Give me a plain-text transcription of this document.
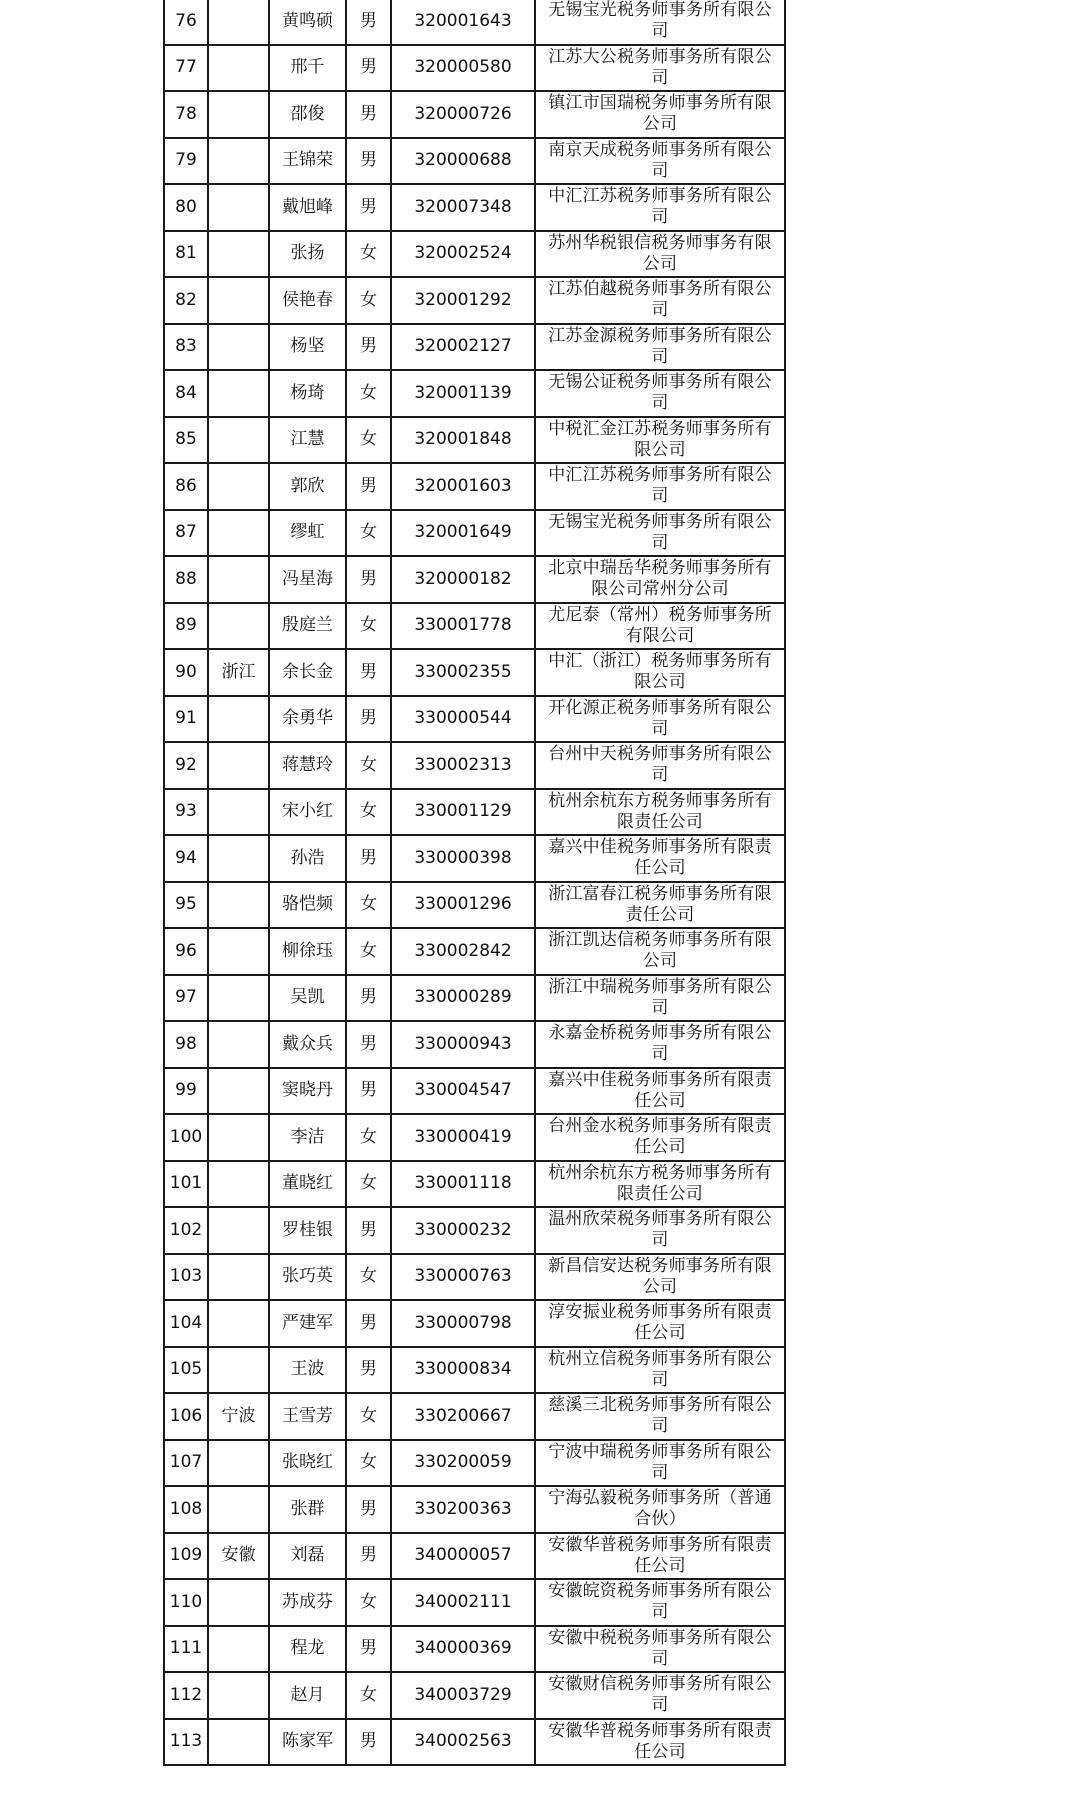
76		黄鸣硕	男	320001643	无锡宝光税务师事务所有限公
司

77		邢千	男	320000580	江苏大公税务师事务所有限公
司

78		邵俊	男	320000726	镇江市国瑞税务师事务所有限
公司

79		王锦荣	男	320000688	南京天成税务师事务所有限公
司

80		戴旭峰	男	320007348	中汇江苏税务师事务所有限公
司

81		张扬	女	320002524	苏州华税银信税务师事务有限
公司

82		侯艳春	女	320001292	江苏伯越税务师事务所有限公
司

83		杨坚	男	320002127	江苏金源税务师事务所有限公
司

84		杨琦	女	320001139	无锡公证税务师事务所有限公
司

85		江慧	女	320001848	中税汇金江苏税务师事务所有
限公司

86		郭欣	男	320001603	中汇江苏税务师事务所有限公
司

87		缪虹	女	320001649	无锡宝光税务师事务所有限公
司

88		冯星海	男	320000182	北京中瑞岳华税务师事务所有
限公司常州分公司

89		殷庭兰	女	330001778	尤尼泰（常州）税务师事务所
有限公司

90	浙江	余长金	男	330002355	中汇（浙江）税务师事务所有
限公司

91		余勇华	男	330000544	开化源正税务师事务所有限公
司

92		蒋慧玲	女	330002313	台州中天税务师事务所有限公
司

93		宋小红	女	330001129	杭州余杭东方税务师事务所有
限责任公司

94		孙浩	男	330000398	嘉兴中佳税务师事务所有限责
任公司

95		骆恺频	女	330001296	浙江富春江税务师事务所有限
责任公司

96		柳徐珏	女	330002842	浙江凯达信税务师事务所有限
公司

97		吴凯	男	330000289	浙江中瑞税务师事务所有限公
司

98		戴众兵	男	330000943	永嘉金桥税务师事务所有限公
司

99		窦晓丹	男	330004547	嘉兴中佳税务师事务所有限责
任公司

100		李洁	女	330000419	台州金水税务师事务所有限责
任公司

101		董晓红	女	330001118	杭州余杭东方税务师事务所有
限责任公司

102		罗桂银	男	330000232	温州欣荣税务师事务所有限公
司

103		张巧英	女	330000763	新昌信安达税务师事务所有限
公司

104		严建军	男	330000798	淳安振业税务师事务所有限责
任公司

105		王波	男	330000834	杭州立信税务师事务所有限公
司

106	宁波	王雪芳	女	330200667	慈溪三北税务师事务所有限公
司

107		张晓红	女	330200059	宁波中瑞税务师事务所有限公
司

108		张群	男	330200363	宁海弘毅税务师事务所（普通
合伙）

109	安徽	刘磊	男	340000057	安徽华普税务师事务所有限责
任公司

110		苏成芬	女	340002111	安徽皖资税务师事务所有限公
司

111		程龙	男	340000369	安徽中税税务师事务所有限公
司

112		赵月	女	340003729	安徽财信税务师事务所有限公
司

113		陈家军	男	340002563	安徽华普税务师事务所有限责
任公司
